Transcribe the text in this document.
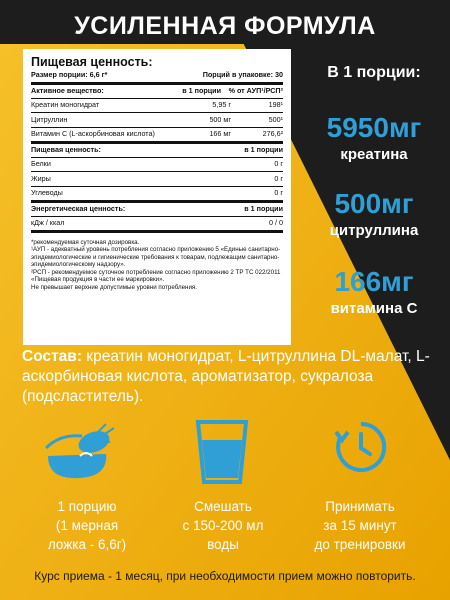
УСИЛЕННАЯ ФОРМУЛА
Пищевая ценность:
Размер порции: 6,6 г*	Порций в упаковке: 30
Активное вещество:	в 1 порции	% от АУП¹/РСП²
Креатин моногидрат	5,95 г	198¹
Цитруллин	500 мг	500¹
Витамин С (L-аскорбиновая кислота)	166 мг	276,6²
Пищевая ценность:	в 1 порции
Белки	0 г
Жиры	0 г
Углеводы	0 г
Энергетическая ценность:	в 1 порции
кДж / ккал	0 / 0
*рекомендуемая суточная дозировка.
¹АУП - адекватный уровень потребления согласно приложению 5 «Единые санитарно-эпидемиологические и гигиенические требования к товарам, подлежащим санитарно-эпидемиологическому надзору».
²РСП - рекомендуемое суточное потребление согласно приложению 2 ТР ТС 022/2011 «Пищевая продукция в части ее маркировки».
Не превышает верхние допустимые уровни потребления.
В 1 порции:
5950мг
креатина
500мг
цитруллина
166мг
витамина С
Состав: креатин моногидрат, L-цитруллина DL-малат, L-аскорбиновая кислота, ароматизатор, сукралоза (подсластитель).
1 порцию
(1 мерная
ложка - 6,6г)
Смешать
с 150-200 мл
воды
Принимать
за 15 минут
до тренировки
Курс приема - 1 месяц, при необходимости прием можно повторить.
